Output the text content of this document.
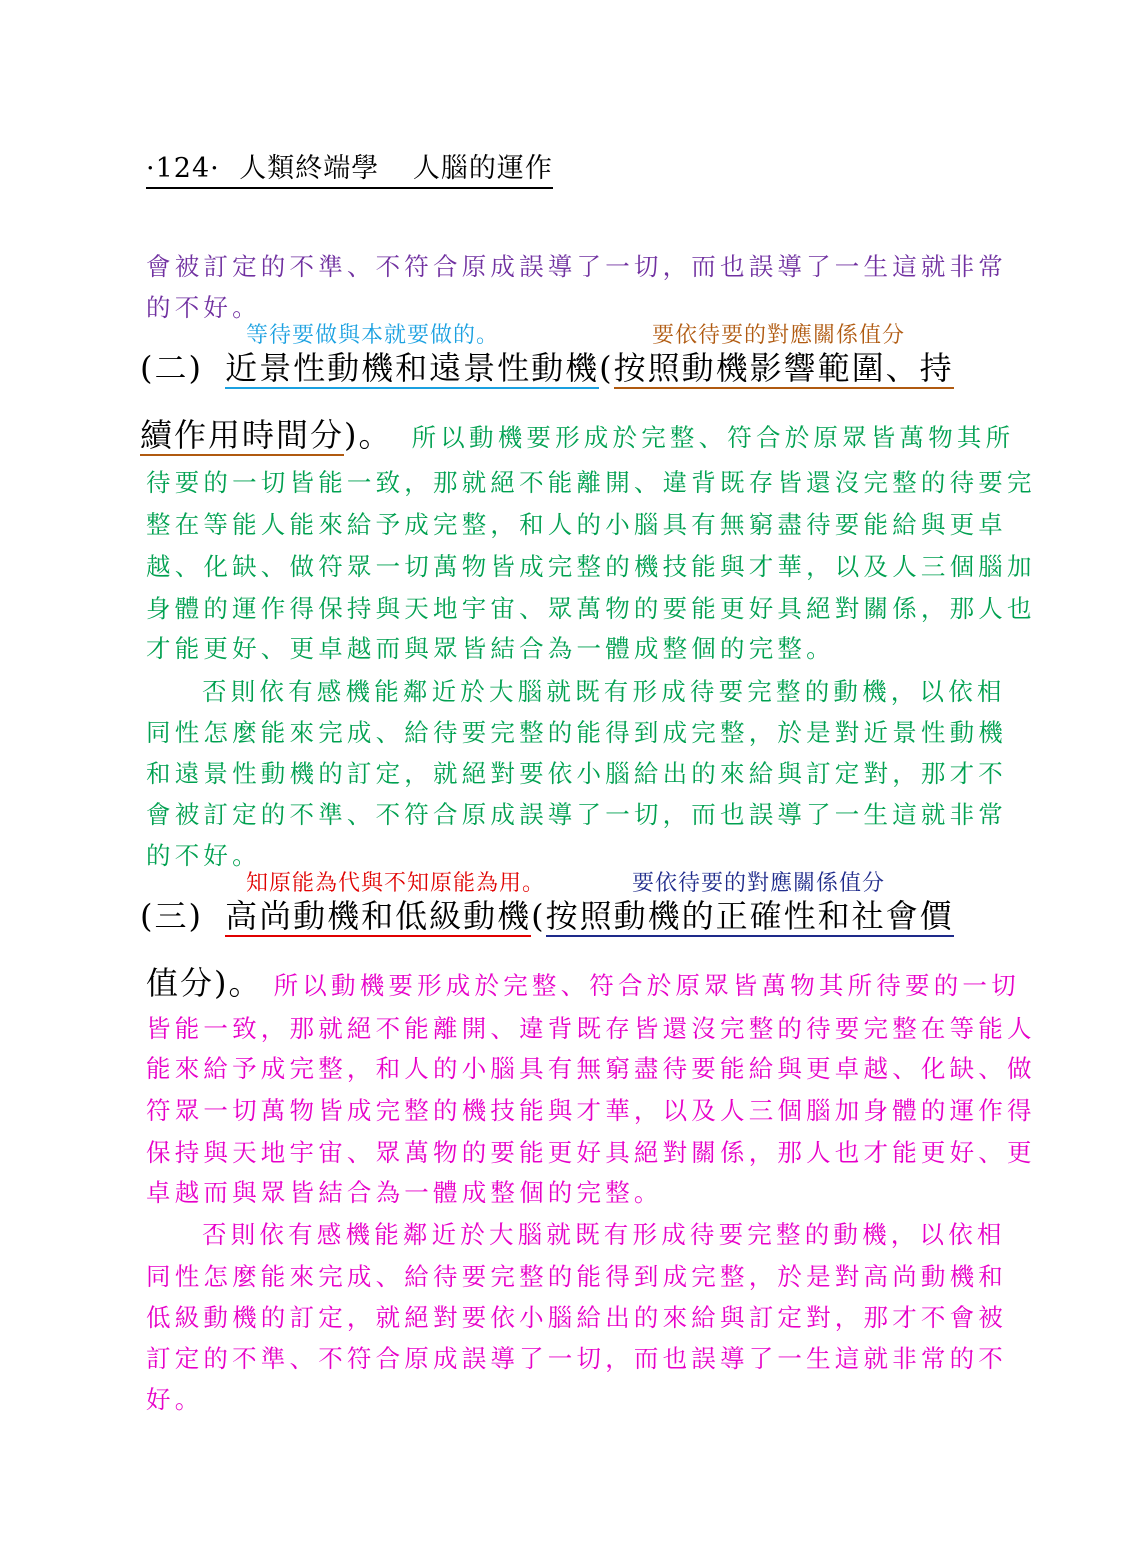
·124· 人類終端學 人腦的運作
會被訂定的不準、不符合原成誤導了一切，而也誤導了一生這就非常
的不好。
等待要做與本就要做的。	要依待要的對應關係值分
(二) 近景性動機和遠景性動機(按照動機影響範圍、持
續作用時間分)。 所以動機要形成於完整、符合於原眾皆萬物其所
待要的一切皆能一致，那就絕不能離開、違背既存皆還沒完整的待要完
整在等能人能來給予成完整，和人的小腦具有無窮盡待要能給與更卓
越、化缺、做符眾一切萬物皆成完整的機技能與才華，以及人三個腦加
身體的運作得保持與天地宇宙、眾萬物的要能更好具絕對關係，那人也
才能更好、更卓越而與眾皆結合為一體成整個的完整。
否則依有感機能鄰近於大腦就既有形成待要完整的動機，以依相
同性怎麼能來完成、給待要完整的能得到成完整，於是對近景性動機
和遠景性動機的訂定，就絕對要依小腦給出的來給與訂定對，那才不
會被訂定的不準、不符合原成誤導了一切，而也誤導了一生這就非常
的不好。
知原能為代與不知原能為用。	要依待要的對應關係值分
(三) 高尚動機和低級動機(按照動機的正確性和社會價
值分)。 所以動機要形成於完整、符合於原眾皆萬物其所待要的一切
皆能一致，那就絕不能離開、違背既存皆還沒完整的待要完整在等能人
能來給予成完整，和人的小腦具有無窮盡待要能給與更卓越、化缺、做
符眾一切萬物皆成完整的機技能與才華，以及人三個腦加身體的運作得
保持與天地宇宙、眾萬物的要能更好具絕對關係，那人也才能更好、更
卓越而與眾皆結合為一體成整個的完整。
否則依有感機能鄰近於大腦就既有形成待要完整的動機，以依相
同性怎麼能來完成、給待要完整的能得到成完整，於是對高尚動機和
低級動機的訂定，就絕對要依小腦給出的來給與訂定對，那才不會被
訂定的不準、不符合原成誤導了一切，而也誤導了一生這就非常的不
好。
